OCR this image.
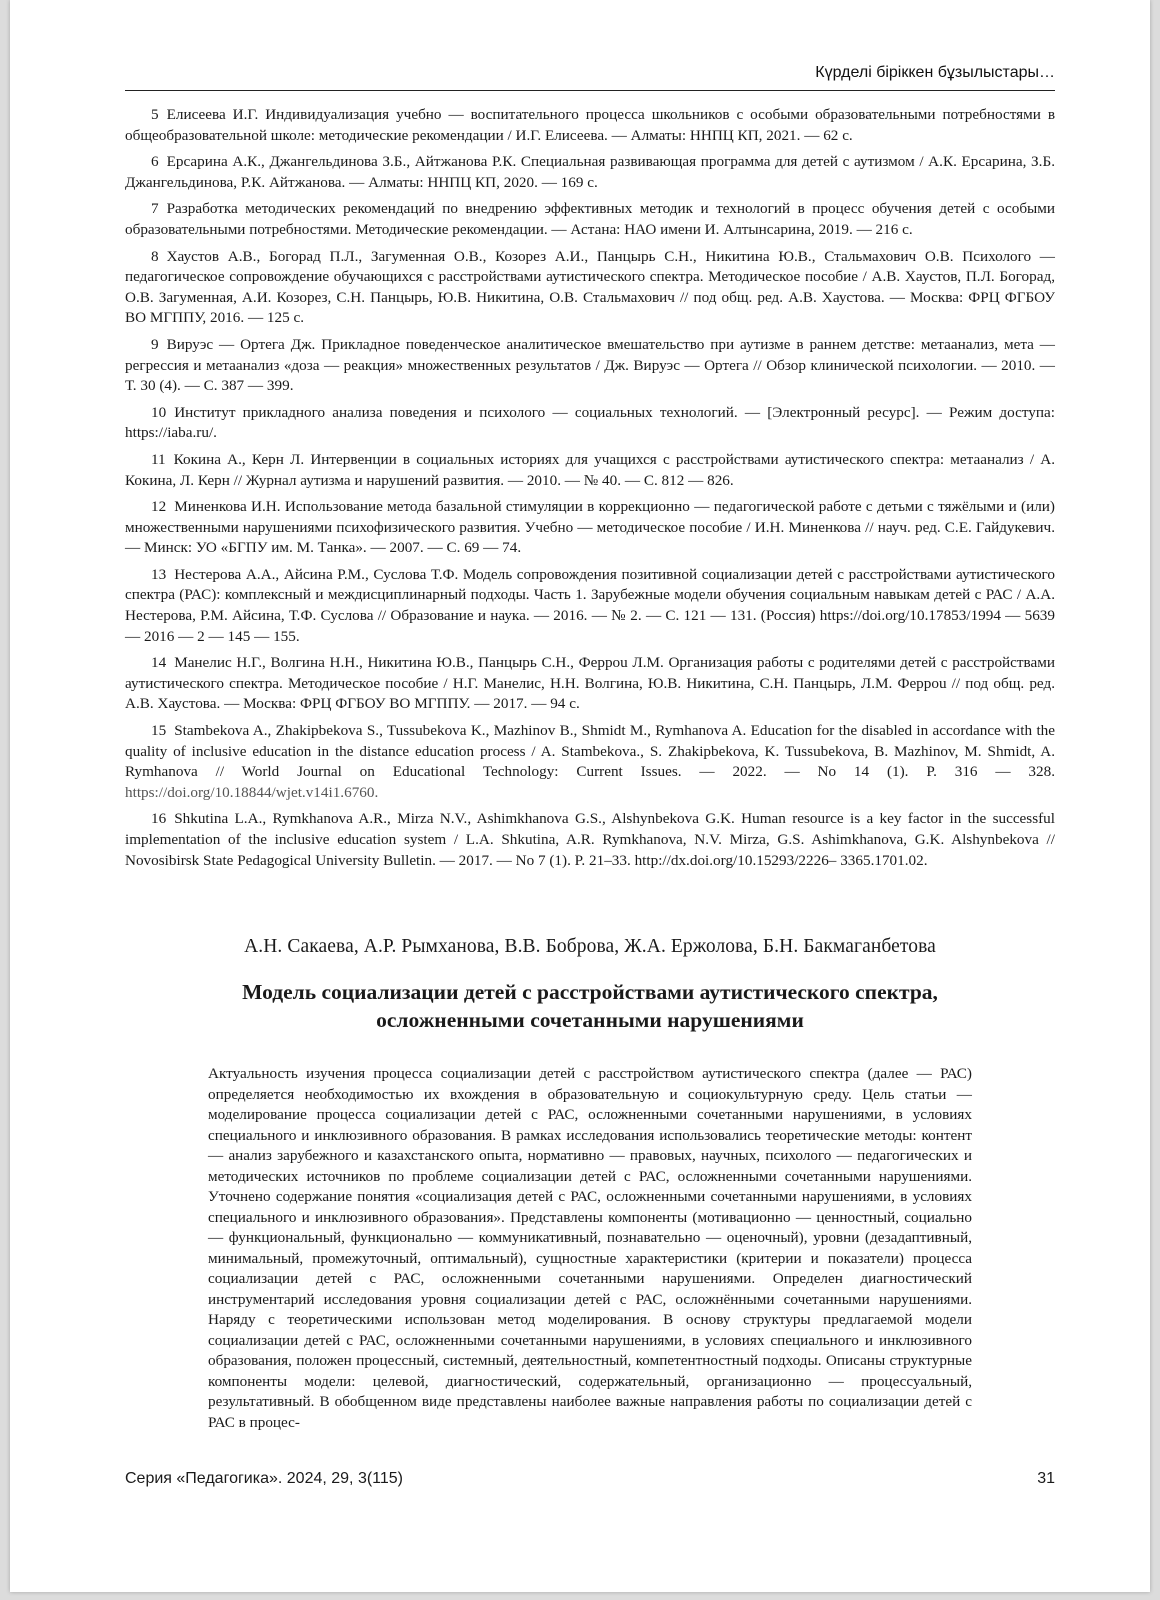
Күрделі біріккен бұзылыстары…

5 Елисеева И.Г. Индивидуализация учебно — воспитательного процесса школьников с особыми образовательными потребностями в общеобразовательной школе: методические рекомендации / И.Г. Елисеева. — Алматы: ННПЦ КП, 2021. — 62 с.

6 Ерсарина А.К., Джангельдинова З.Б., Айтжанова Р.К. Специальная развивающая программа для детей с аутизмом / А.К. Ерсарина, З.Б. Джангельдинова, Р.К. Айтжанова. — Алматы: ННПЦ КП, 2020. — 169 с.

7 Разработка методических рекомендаций по внедрению эффективных методик и технологий в процесс обучения детей с особыми образовательными потребностями. Методические рекомендации. — Астана: НАО имени И. Алтынсарина, 2019. — 216 с.

8 Хаустов А.В., Богорад П.Л., Загуменная О.В., Козорез А.И., Панцырь С.Н., Никитина Ю.В., Стальмахович О.В. Психолого — педагогическое сопровождение обучающихся с расстройствами аутистического спектра. Методическое пособие / А.В. Хаустов, П.Л. Богорад, О.В. Загуменная, А.И. Козорез, С.Н. Панцырь, Ю.В. Никитина, О.В. Стальмахович // под общ. ред. А.В. Хаустова. — Москва: ФРЦ ФГБОУ ВО МГППУ, 2016. — 125 с.

9 Вируэс — Ортега Дж. Прикладное поведенческое аналитическое вмешательство при аутизме в раннем детстве: метаанализ, мета — регрессия и метаанализ «доза — реакция» множественных результатов / Дж. Вируэс — Ортега // Обзор клинической психологии. — 2010. — Т. 30 (4). — С. 387 — 399.

10 Институт прикладного анализа поведения и психолого — социальных технологий. — [Электронный ресурс]. — Режим доступа: https://iaba.ru/.

11 Кокина А., Керн Л. Интервенции в социальных историях для учащихся с расстройствами аутистического спектра: метаанализ / А. Кокина, Л. Керн // Журнал аутизма и нарушений развития. — 2010. — № 40. — С. 812 — 826.

12 Миненкова И.Н. Использование метода базальной стимуляции в коррекционно — педагогической работе с детьми с тяжёлыми и (или) множественными нарушениями психофизического развития. Учебно — методическое пособие / И.Н. Миненкова // науч. ред. С.Е. Гайдукевич. — Минск: УО «БГПУ им. М. Танка». — 2007. — С. 69 — 74.

13 Нестерова А.А., Айсина Р.М., Суслова Т.Ф. Модель сопровождения позитивной социализации детей с расстройствами аутистического спектра (РАС): комплексный и междисциплинарный подходы. Часть 1. Зарубежные модели обучения социальным навыкам детей с РАС / А.А. Нестерова, Р.М. Айсина, Т.Ф. Суслова // Образование и наука. — 2016. — № 2. — С. 121 — 131. (Россия) https://doi.org/10.17853/1994 — 5639 — 2016 — 2 — 145 — 155.

14 Манелис Н.Г., Волгина Н.Н., Никитина Ю.В., Панцырь С.Н., Ферроu Л.М. Организация работы с родителями детей с расстройствами аутистического спектра. Методическое пособие / Н.Г. Манелис, Н.Н. Волгина, Ю.В. Никитина, С.Н. Панцырь, Л.М. Ферроu // под общ. ред. А.В. Хаустова. — Москва: ФРЦ ФГБОУ ВО МГППУ. — 2017. — 94 с.

15 Stambekova A., Zhakipbekova S., Tussubekova K., Mazhinov B., Shmidt M., Rymhanova A. Education for the disabled in accordance with the quality of inclusive education in the distance education process / A. Stambekova., S. Zhakipbekova, K. Tussubekova, B. Mazhinov, M. Shmidt, A. Rymhanova // World Journal on Educational Technology: Current Issues. — 2022. — No 14 (1). P. 316 — 328. https://doi.org/10.18844/wjet.v14i1.6760.

16 Shkutina L.A., Rymkhanova A.R., Mirza N.V., Ashimkhanova G.S., Alshynbekova G.K. Human resource is a key factor in the successful implementation of the inclusive education system / L.A. Shkutina, A.R. Rymkhanova, N.V. Mirza, G.S. Ashimkhanova, G.K. Alshynbekova // Novosibirsk State Pedagogical University Bulletin. — 2017. — No 7 (1). P. 21–33. http://dx.doi.org/10.15293/2226– 3365.1701.02.

А.Н. Сакаева, А.Р. Рымханова, В.В. Боброва, Ж.А. Ержолова, Б.Н. Бакмаганбетова
Модель социализации детей с расстройствами аутистического спектра, осложненными сочетанными нарушениями
Актуальность изучения процесса социализации детей с расстройством аутистического спектра (далее — РАС) определяется необходимостью их вхождения в образовательную и социокультурную среду. Цель статьи — моделирование процесса социализации детей с РАС, осложненными сочетанными нарушениями, в условиях специального и инклюзивного образования. В рамках исследования использовались теоретические методы: контент — анализ зарубежного и казахстанского опыта, нормативно — правовых, научных, психолого — педагогических и методических источников по проблеме социализации детей с РАС, осложненными сочетанными нарушениями. Уточнено содержание понятия «социализация детей с РАС, осложненными сочетанными нарушениями, в условиях специального и инклюзивного образования». Представлены компоненты (мотивационно — ценностный, социально — функциональный, функционально — коммуникативный, познавательно — оценочный), уровни (дезадаптивный, минимальный, промежуточный, оптимальный), сущностные характеристики (критерии и показатели) процесса социализации детей с РАС, осложненными сочетанными нарушениями. Определен диагностический инструментарий исследования уровня социализации детей с РАС, осложнёнными сочетанными нарушениями. Наряду с теоретическими использован метод моделирования. В основу структуры предлагаемой модели социализации детей с РАС, осложненными сочетанными нарушениями, в условиях специального и инклюзивного образования, положен процессный, системный, деятельностный, компетентностный подходы. Описаны структурные компоненты модели: целевой, диагностический, содержательный, организационно — процессуальный, результативный. В обобщенном виде представлены наиболее важные направления работы по социализации детей с РАС в процес-
Серия «Педагогика». 2024, 29, 3(115)	31
